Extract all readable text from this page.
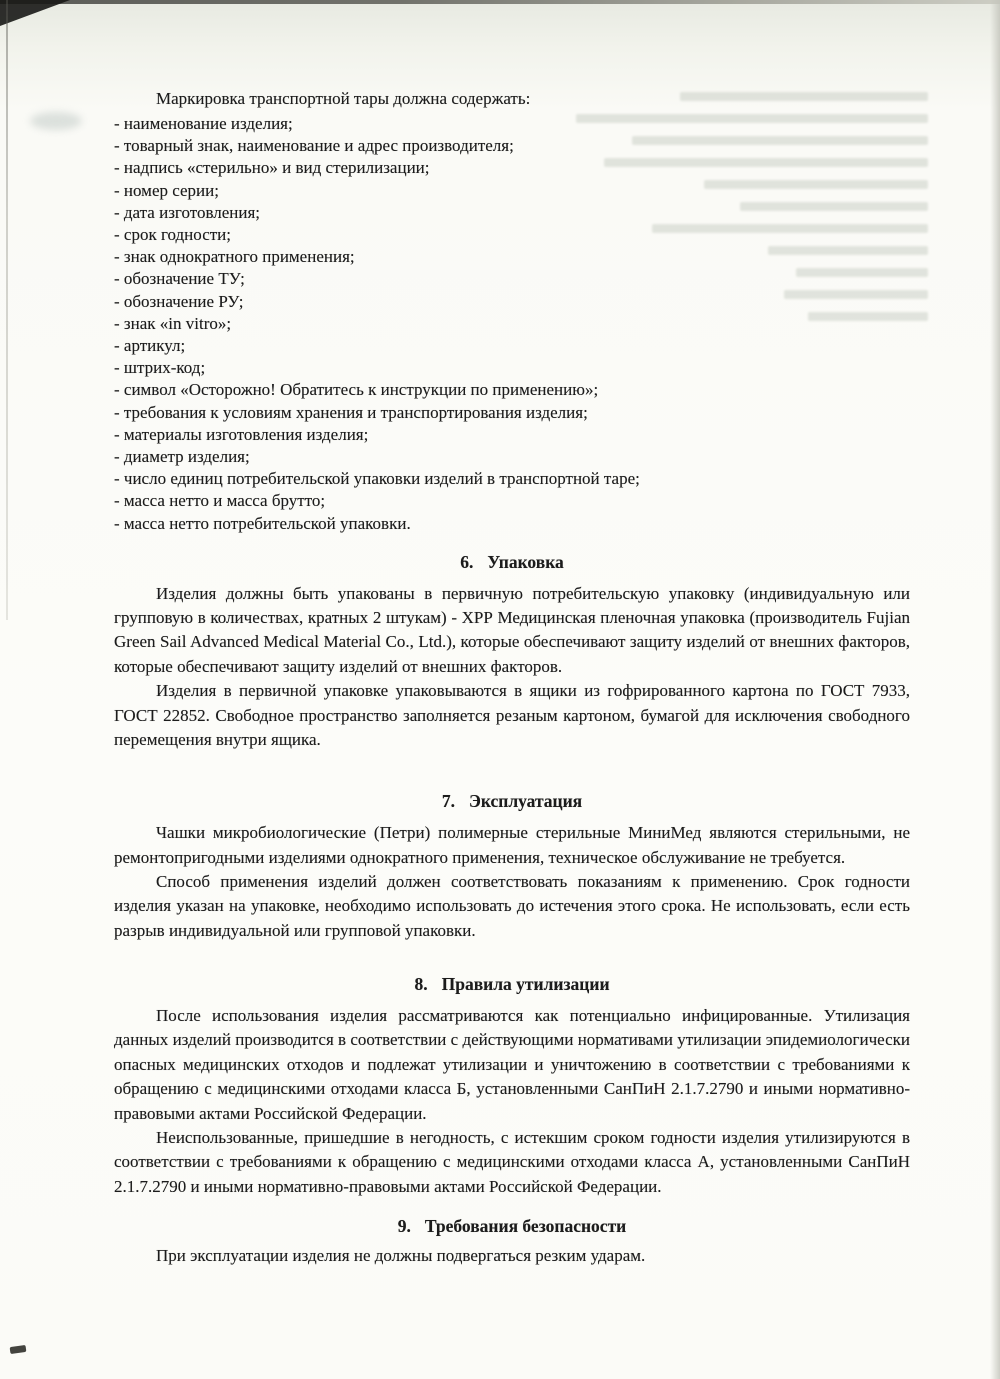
Маркировка транспортной тары должна содержать:

- наименование изделия;
- товарный знак, наименование и адрес производителя;
- надпись «стерильно» и вид стерилизации;
- номер серии;
- дата изготовления;
- срок годности;
- знак однократного применения;
- обозначение ТУ;
- обозначение РУ;
- знак «in vitro»;
- артикул;
- штрих-код;
- символ «Осторожно! Обратитесь к инструкции по применению»;
- требования к условиям хранения и транспортирования изделия;
- материалы изготовления изделия;
- диаметр изделия;
- число единиц потребительской упаковки изделий в транспортной таре;
- масса нетто и масса брутто;
- масса нетто потребительской упаковки.
6. Упаковка

Изделия должны быть упакованы в первичную потребительскую упаковку (индивидуальную или групповую в количествах, кратных 2 штукам) - ХРР Медицинская пленочная упаковка (производитель Fujian Green Sail Advanced Medical Material Co., Ltd.), которые обеспечивают защиту изделий от внешних факторов, которые обеспечивают защиту изделий от внешних факторов.

Изделия в первичной упаковке упаковываются в ящики из гофрированного картона по ГОСТ 7933, ГОСТ 22852. Свободное пространство заполняется резаным картоном, бумагой для исключения свободного перемещения внутри ящика.

7. Эксплуатация

Чашки микробиологические (Петри) полимерные стерильные МиниМед являются стерильными, не ремонтопригодными изделиями однократного применения, техническое обслуживание не требуется.

Способ применения изделий должен соответствовать показаниям к применению. Срок годности изделия указан на упаковке, необходимо использовать до истечения этого срока. Не использовать, если есть разрыв индивидуальной или групповой упаковки.

8. Правила утилизации

После использования изделия рассматриваются как потенциально инфицированные. Утилизация данных изделий производится в соответствии с действующими нормативами утилизации эпидемиологически опасных медицинских отходов и подлежат утилизации и уничтожению в соответствии с требованиями к обращению с медицинскими отходами класса Б, установленными СанПиН 2.1.7.2790 и иными нормативно-правовыми актами Российской Федерации.

Неиспользованные, пришедшие в негодность, с истекшим сроком годности изделия утилизируются в соответствии с требованиями к обращению с медицинскими отходами класса А, установленными СанПиН 2.1.7.2790 и иными нормативно-правовыми актами Российской Федерации.

9. Требования безопасности

При эксплуатации изделия не должны подвергаться резким ударам.
